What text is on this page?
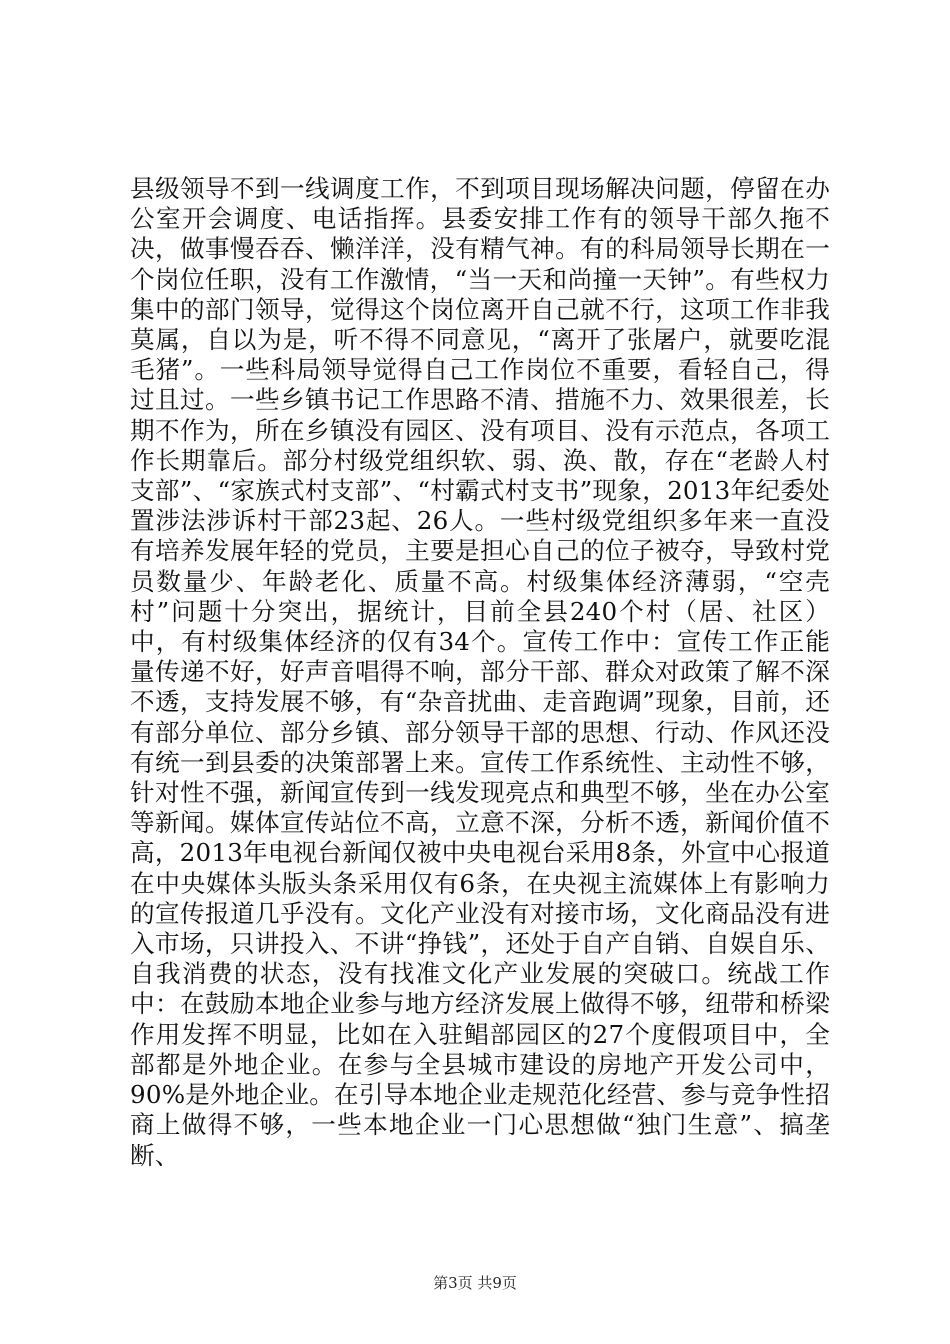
县级领导不到一线调度工作，不到项目现场解决问题，停留在办公室开会调度、电话指挥。县委安排工作有的领导干部久拖不决，做事慢吞吞、懒洋洋，没有精气神。有的科局领导长期在一个岗位任职，没有工作激情，“当一天和尚撞一天钟”。有些权力集中的部门领导，觉得这个岗位离开自己就不行，这项工作非我莫属，自以为是，听不得不同意见，“离开了张屠户，就要吃混毛猪”。一些科局领导觉得自己工作岗位不重要，看轻自己，得过且过。一些乡镇书记工作思路不清、措施不力、效果很差，长期不作为，所在乡镇没有园区、没有项目、没有示范点，各项工作长期靠后。部分村级党组织软、弱、涣、散，存在“老龄人村支部”、“家族式村支部”、“村霸式村支书”现象，2013年纪委处置涉法涉诉村干部23起、26人。一些村级党组织多年来一直没有培养发展年轻的党员，主要是担心自己的位子被夺，导致村党员数量少、年龄老化、质量不高。村级集体经济薄弱，“空壳村”问题十分突出，据统计，目前全县240个村（居、社区）中，有村级集体经济的仅有34个。宣传工作中：宣传工作正能量传递不好，好声音唱得不响，部分干部、群众对政策了解不深不透，支持发展不够，有“杂音扰曲、走音跑调”现象，目前，还有部分单位、部分乡镇、部分领导干部的思想、行动、作风还没有统一到县委的决策部署上来。宣传工作系统性、主动性不够，针对性不强，新闻宣传到一线发现亮点和典型不够，坐在办公室等新闻。媒体宣传站位不高，立意不深，分析不透，新闻价值不高，2013年电视台新闻仅被中央电视台采用8条，外宣中心报道在中央媒体头版头条采用仅有6条，在央视主流媒体上有影响力的宣传报道几乎没有。文化产业没有对接市场，文化商品没有进入市场，只讲投入、不讲“挣钱”，还处于自产自销、自娱自乐、自我消费的状态，没有找准文化产业发展的突破口。统战工作中：在鼓励本地企业参与地方经济发展上做得不够，纽带和桥梁作用发挥不明显，比如在入驻鲳部园区的27个度假项目中，全部都是外地企业。在参与全县城市建设的房地产开发公司中，90%是外地企业。在引导本地企业走规范化经营、参与竞争性招商上做得不够，一些本地企业一门心思想做“独门生意”、搞垄断、

第3页 共9页
